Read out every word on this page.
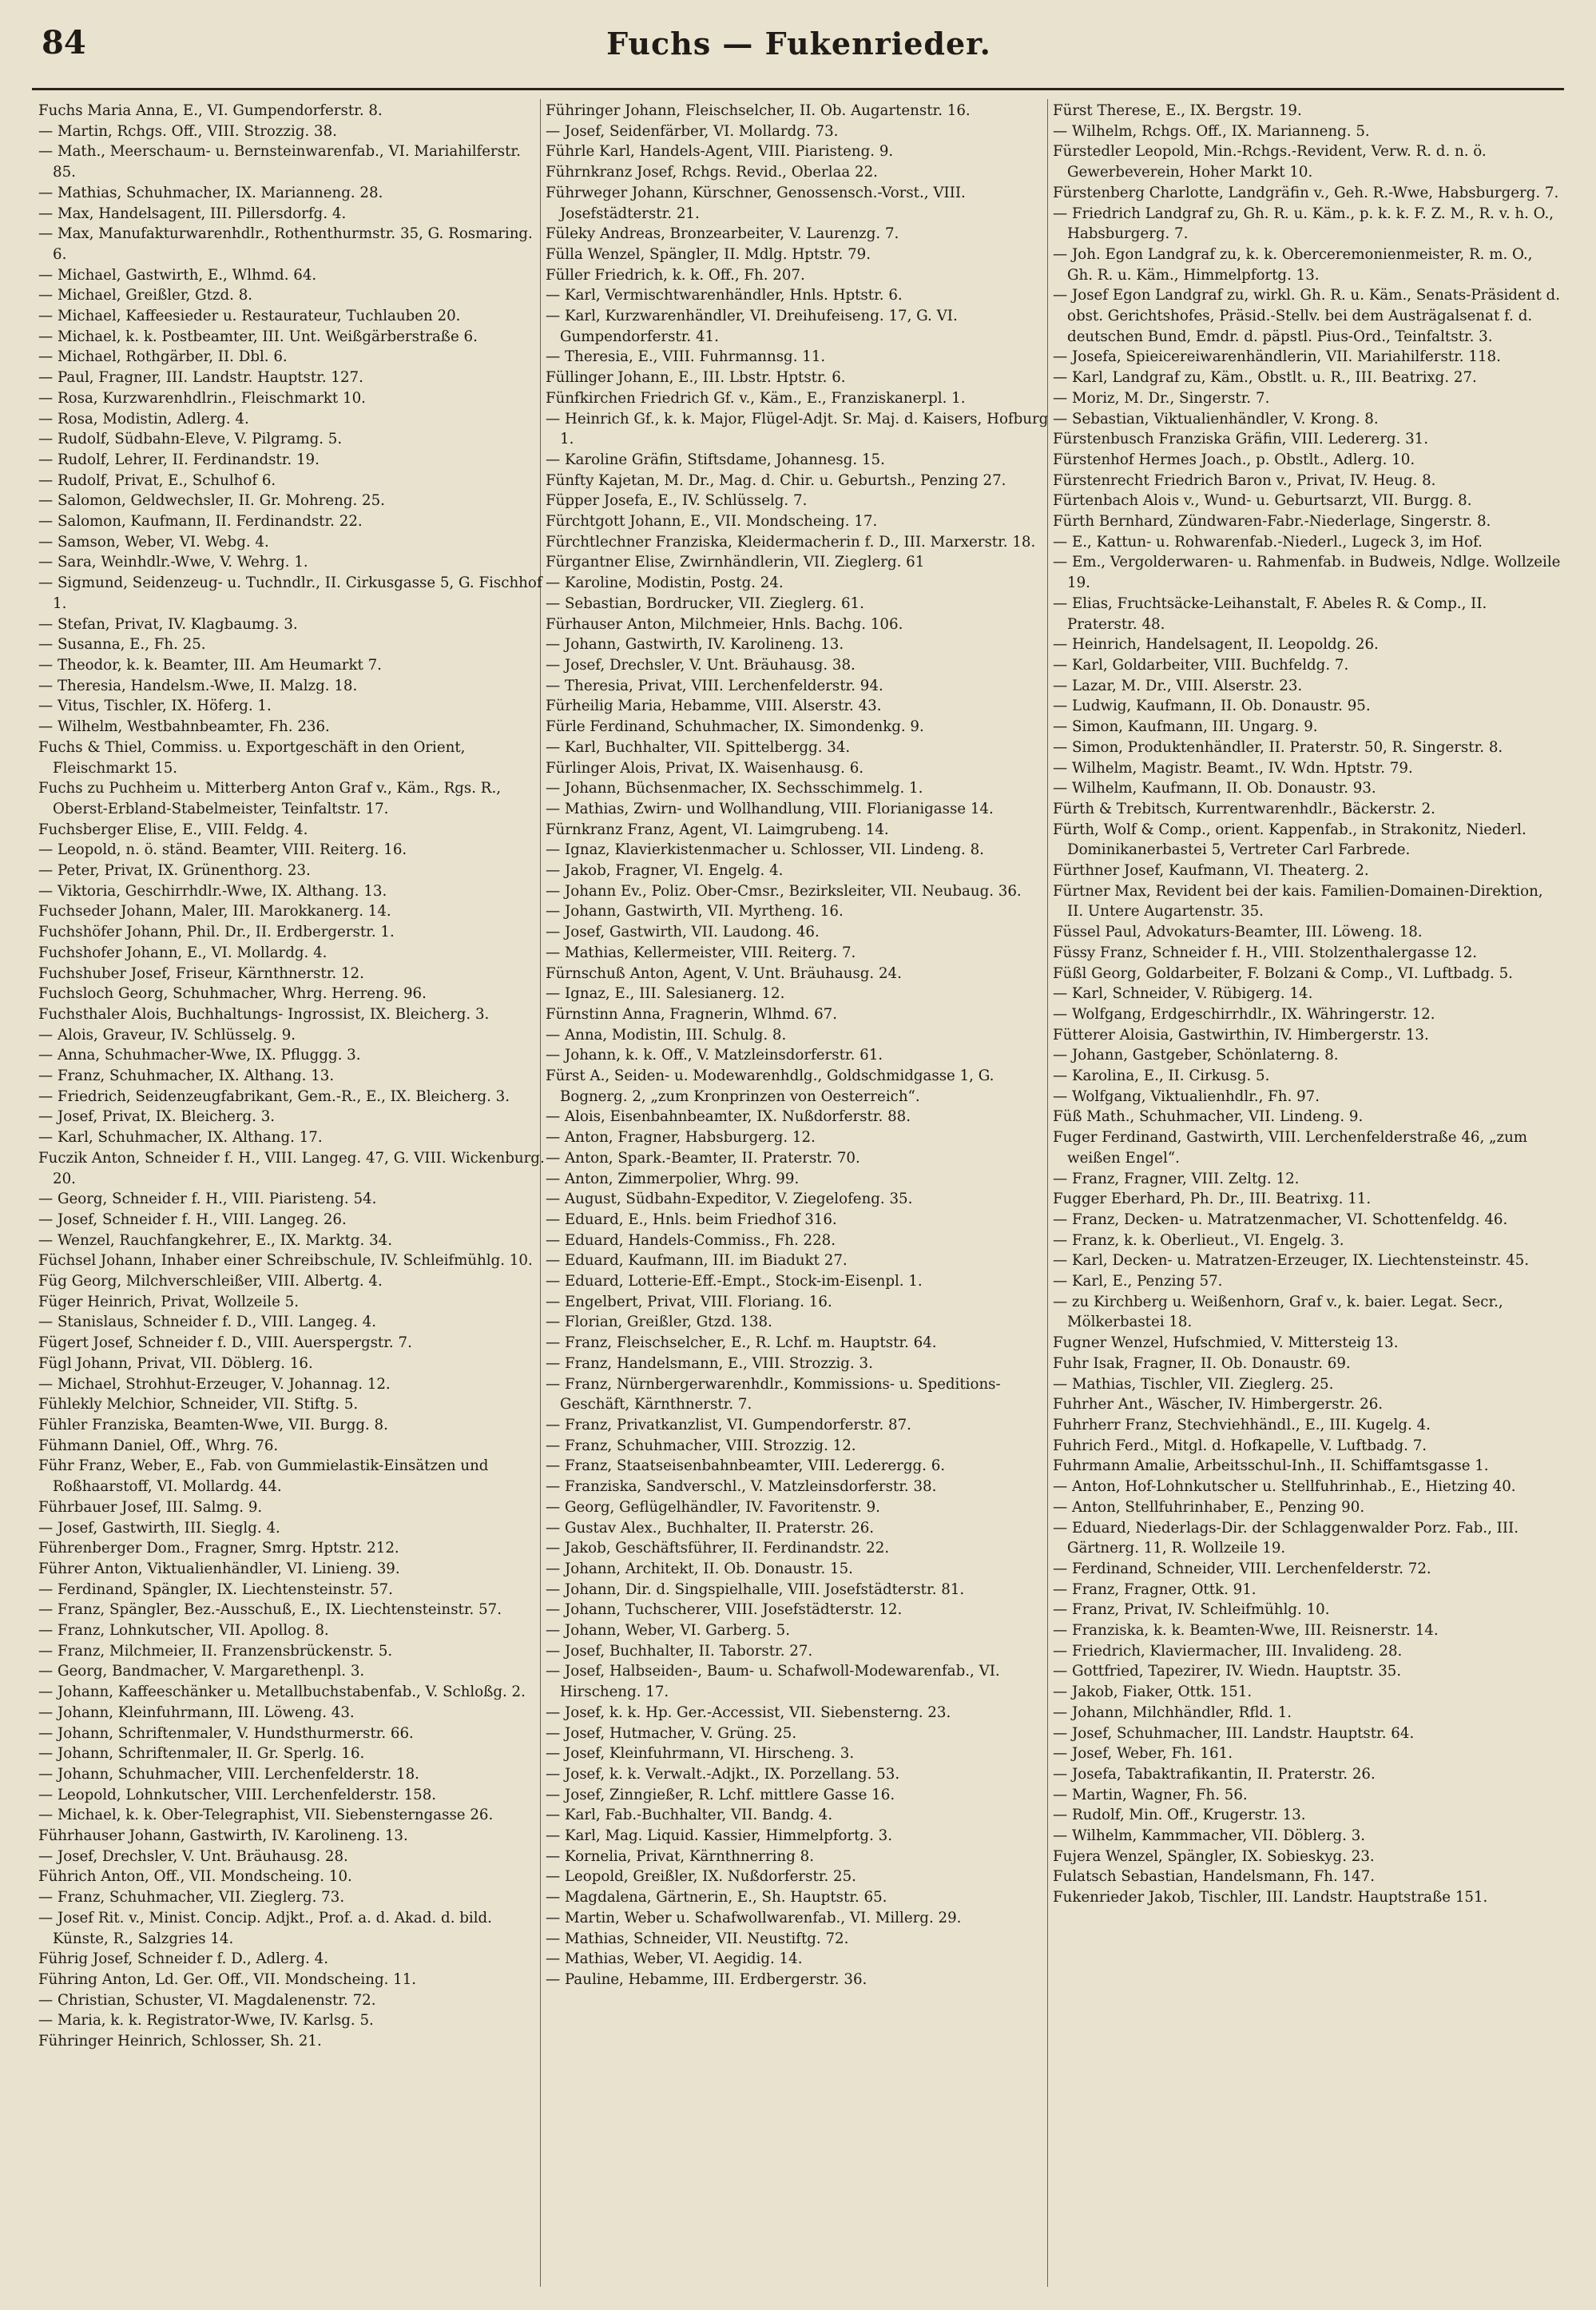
84	Fuchs — Fukenrieder.
Fuchs Maria Anna, E., VI. Gumpendorferstr. 8.
— Martin, Rchgs. Off., VIII. Strozzig. 38.
— Math., Meerschaum- u. Bernsteinwarenfab., VI. Mariahilferstr. 85.
— Mathias, Schuhmacher, IX. Marianneng. 28.
— Max, Handelsagent, III. Pillersdorfg. 4.
— Max, Manufakturwarenhdlr., Rothenthurmstr. 35, G. Rosmaring. 6.
— Michael, Gastwirth, E., Wlhmd. 64.
— Michael, Greißler, Gtzd. 8.
— Michael, Kaffeesieder u. Restaurateur, Tuchlauben 20.
— Michael, k. k. Postbeamter, III. Unt. Weißgärberstraße 6.
— Michael, Rothgärber, II. Dbl. 6.
— Paul, Fragner, III. Landstr. Hauptstr. 127.
— Rosa, Kurzwarenhdlrin., Fleischmarkt 10.
— Rosa, Modistin, Adlerg. 4.
— Rudolf, Südbahn-Eleve, V. Pilgramg. 5.
— Rudolf, Lehrer, II. Ferdinandstr. 19.
— Rudolf, Privat, E., Schulhof 6.
— Salomon, Geldwechsler, II. Gr. Mohreng. 25.
— Salomon, Kaufmann, II. Ferdinandstr. 22.
— Samson, Weber, VI. Webg. 4.
— Sara, Weinhdlr.-Wwe, V. Wehrg. 1.
— Sigmund, Seidenzeug- u. Tuchndlr., II. Cirkusgasse 5, G. Fischhof 1.
— Stefan, Privat, IV. Klagbaumg. 3.
— Susanna, E., Fh. 25.
— Theodor, k. k. Beamter, III. Am Heumarkt 7.
— Theresia, Handelsm.-Wwe, II. Malzg. 18.
— Vitus, Tischler, IX. Höferg. 1.
— Wilhelm, Westbahnbeamter, Fh. 236.
Fuchs & Thiel, Commiss. u. Exportgeschäft in den Orient, Fleischmarkt 15.
Fuchs zu Puchheim u. Mitterberg Anton Graf v., Käm., Rgs. R., Oberst-Erbland-Stabelmeister, Teinfaltstr. 17.
Fuchsberger Elise, E., VIII. Feldg. 4.
— Leopold, n. ö. ständ. Beamter, VIII. Reiterg. 16.
— Peter, Privat, IX. Grünenthorg. 23.
— Viktoria, Geschirrhdlr.-Wwe, IX. Althang. 13.
Fuchseder Johann, Maler, III. Marokkanerg. 14.
Fuchshöfer Johann, Phil. Dr., II. Erdbergerstr. 1.
Fuchshofer Johann, E., VI. Mollardg. 4.
Fuchshuber Josef, Friseur, Kärnthnerstr. 12.
Fuchsloch Georg, Schuhmacher, Whrg. Herreng. 96.
Fuchsthaler Alois, Buchhaltungs- Ingrossist, IX. Bleicherg. 3.
— Alois, Graveur, IV. Schlüsselg. 9.
— Anna, Schuhmacher-Wwe, IX. Pfluggg. 3.
— Franz, Schuhmacher, IX. Althang. 13.
— Friedrich, Seidenzeugfabrikant, Gem.-R., E., IX. Bleicherg. 3.
— Josef, Privat, IX. Bleicherg. 3.
— Karl, Schuhmacher, IX. Althang. 17.
Fuczik Anton, Schneider f. H., VIII. Langeg. 47, G. VIII. Wickenburg. 20.
— Georg, Schneider f. H., VIII. Piaristeng. 54.
— Josef, Schneider f. H., VIII. Langeg. 26.
— Wenzel, Rauchfangkehrer, E., IX. Marktg. 34.
Füchsel Johann, Inhaber einer Schreibschule, IV. Schleifmühlg. 10.
Füg Georg, Milchverschleißer, VIII. Albertg. 4.
Füger Heinrich, Privat, Wollzeile 5.
— Stanislaus, Schneider f. D., VIII. Langeg. 4.
Fügert Josef, Schneider f. D., VIII. Auerspergstr. 7.
Fügl Johann, Privat, VII. Döblerg. 16.
— Michael, Strohhut-Erzeuger, V. Johannag. 12.
Fühlekly Melchior, Schneider, VII. Stiftg. 5.
Fühler Franziska, Beamten-Wwe, VII. Burgg. 8.
Fühmann Daniel, Off., Whrg. 76.
Führ Franz, Weber, E., Fab. von Gummielastik-Einsätzen und Roßhaarstoff, VI. Mollardg. 44.
Führbauer Josef, III. Salmg. 9.
— Josef, Gastwirth, III. Sieglg. 4.
Führenberger Dom., Fragner, Smrg. Hptstr. 212.
Führer Anton, Viktualienhändler, VI. Linieng. 39.
— Ferdinand, Spängler, IX. Liechtensteinstr. 57.
— Franz, Spängler, Bez.-Ausschuß, E., IX. Liechtensteinstr. 57.
— Franz, Lohnkutscher, VII. Apollog. 8.
— Franz, Milchmeier, II. Franzensbrückenstr. 5.
— Georg, Bandmacher, V. Margarethenpl. 3.
— Johann, Kaffeeschänker u. Metallbuchstabenfab., V. Schloßg. 2.
— Johann, Kleinfuhrmann, III. Löweng. 43.
— Johann, Schriftenmaler, V. Hundsthurmerstr. 66.
— Johann, Schriftenmaler, II. Gr. Sperlg. 16.
— Johann, Schuhmacher, VIII. Lerchenfelderstr. 18.
— Leopold, Lohnkutscher, VIII. Lerchenfelderstr. 158.
— Michael, k. k. Ober-Telegraphist, VII. Siebensterngasse 26.
Führhauser Johann, Gastwirth, IV. Karolineng. 13.
— Josef, Drechsler, V. Unt. Bräuhausg. 28.
Führich Anton, Off., VII. Mondscheing. 10.
— Franz, Schuhmacher, VII. Zieglerg. 73.
— Josef Rit. v., Minist. Concip. Adjkt., Prof. a. d. Akad. d. bild. Künste, R., Salzgries 14.
Führig Josef, Schneider f. D., Adlerg. 4.
Führing Anton, Ld. Ger. Off., VII. Mondscheing. 11.
— Christian, Schuster, VI. Magdalenenstr. 72.
— Maria, k. k. Registrator-Wwe, IV. Karlsg. 5.
Führinger Heinrich, Schlosser, Sh. 21.
Führinger Johann, Fleischselcher, II. Ob. Augartenstr. 16.
— Josef, Seidenfärber, VI. Mollardg. 73.
Führle Karl, Handels-Agent, VIII. Piaristeng. 9.
Führnkranz Josef, Rchgs. Revid., Oberlaa 22.
Führweger Johann, Kürschner, Genossensch.-Vorst., VIII. Josefstädterstr. 21.
Füleky Andreas, Bronzearbeiter, V. Laurenzg. 7.
Fülla Wenzel, Spängler, II. Mdlg. Hptstr. 79.
Füller Friedrich, k. k. Off., Fh. 207.
— Karl, Vermischtwarenhändler, Hnls. Hptstr. 6.
— Karl, Kurzwarenhändler, VI. Dreihufeiseng. 17, G. VI. Gumpendorferstr. 41.
— Theresia, E., VIII. Fuhrmannsg. 11.
Füllinger Johann, E., III. Lbstr. Hptstr. 6.
Fünfkirchen Friedrich Gf. v., Käm., E., Franziskanerpl. 1.
— Heinrich Gf., k. k. Major, Flügel-Adjt. Sr. Maj. d. Kaisers, Hofburg 1.
— Karoline Gräfin, Stiftsdame, Johannesg. 15.
Fünfty Kajetan, M. Dr., Mag. d. Chir. u. Geburtsh., Penzing 27.
Füpper Josefa, E., IV. Schlüsselg. 7.
Fürchtgott Johann, E., VII. Mondscheing. 17.
Fürchtlechner Franziska, Kleidermacherin f. D., III. Marxerstr. 18.
Fürgantner Elise, Zwirnhändlerin, VII. Zieglerg. 61
— Karoline, Modistin, Postg. 24.
— Sebastian, Bordrucker, VII. Zieglerg. 61.
Fürhauser Anton, Milchmeier, Hnls. Bachg. 106.
— Johann, Gastwirth, IV. Karolineng. 13.
— Josef, Drechsler, V. Unt. Bräuhausg. 38.
— Theresia, Privat, VIII. Lerchenfelderstr. 94.
Fürheilig Maria, Hebamme, VIII. Alserstr. 43.
Fürle Ferdinand, Schuhmacher, IX. Simondenkg. 9.
— Karl, Buchhalter, VII. Spittelbergg. 34.
Fürlinger Alois, Privat, IX. Waisenhausg. 6.
— Johann, Büchsenmacher, IX. Sechsschimmelg. 1.
— Mathias, Zwirn- und Wollhandlung, VIII. Florianigasse 14.
Fürnkranz Franz, Agent, VI. Laimgrubeng. 14.
— Ignaz, Klavierkistenmacher u. Schlosser, VII. Lindeng. 8.
— Jakob, Fragner, VI. Engelg. 4.
— Johann Ev., Poliz. Ober-Cmsr., Bezirksleiter, VII. Neubaug. 36.
— Johann, Gastwirth, VII. Myrtheng. 16.
— Josef, Gastwirth, VII. Laudong. 46.
— Mathias, Kellermeister, VIII. Reiterg. 7.
Fürnschuß Anton, Agent, V. Unt. Bräuhausg. 24.
— Ignaz, E., III. Salesianerg. 12.
Fürnstinn Anna, Fragnerin, Wlhmd. 67.
— Anna, Modistin, III. Schulg. 8.
— Johann, k. k. Off., V. Matzleinsdorferstr. 61.
Fürst A., Seiden- u. Modewarenhdlg., Goldschmidgasse 1, G. Bognerg. 2, „zum Kronprinzen von Oesterreich“.
— Alois, Eisenbahnbeamter, IX. Nußdorferstr. 88.
— Anton, Fragner, Habsburgerg. 12.
— Anton, Spark.-Beamter, II. Praterstr. 70.
— Anton, Zimmerpolier, Whrg. 99.
— August, Südbahn-Expeditor, V. Ziegelofeng. 35.
— Eduard, E., Hnls. beim Friedhof 316.
— Eduard, Handels-Commiss., Fh. 228.
— Eduard, Kaufmann, III. im Biadukt 27.
— Eduard, Lotterie-Eff.-Empt., Stock-im-Eisenpl. 1.
— Engelbert, Privat, VIII. Floriang. 16.
— Florian, Greißler, Gtzd. 138.
— Franz, Fleischselcher, E., R. Lchf. m. Hauptstr. 64.
— Franz, Handelsmann, E., VIII. Strozzig. 3.
— Franz, Nürnbergerwarenhdlr., Kommissions- u. Speditions-Geschäft, Kärnthnerstr. 7.
— Franz, Privatkanzlist, VI. Gumpendorferstr. 87.
— Franz, Schuhmacher, VIII. Strozzig. 12.
— Franz, Staatseisenbahnbeamter, VIII. Lederergg. 6.
— Franziska, Sandverschl., V. Matzleinsdorferstr. 38.
— Georg, Geflügelhändler, IV. Favoritenstr. 9.
— Gustav Alex., Buchhalter, II. Praterstr. 26.
— Jakob, Geschäftsführer, II. Ferdinandstr. 22.
— Johann, Architekt, II. Ob. Donaustr. 15.
— Johann, Dir. d. Singspielhalle, VIII. Josefstädterstr. 81.
— Johann, Tuchscherer, VIII. Josefstädterstr. 12.
— Johann, Weber, VI. Garberg. 5.
— Josef, Buchhalter, II. Taborstr. 27.
— Josef, Halbseiden-, Baum- u. Schafwoll-Modewarenfab., VI. Hirscheng. 17.
— Josef, k. k. Hp. Ger.-Accessist, VII. Siebensterng. 23.
— Josef, Hutmacher, V. Grüng. 25.
— Josef, Kleinfuhrmann, VI. Hirscheng. 3.
— Josef, k. k. Verwalt.-Adjkt., IX. Porzellang. 53.
— Josef, Zinngießer, R. Lchf. mittlere Gasse 16.
— Karl, Fab.-Buchhalter, VII. Bandg. 4.
— Karl, Mag. Liquid. Kassier, Himmelpfortg. 3.
— Kornelia, Privat, Kärnthnerring 8.
— Leopold, Greißler, IX. Nußdorferstr. 25.
— Magdalena, Gärtnerin, E., Sh. Hauptstr. 65.
— Martin, Weber u. Schafwollwarenfab., VI. Millerg. 29.
— Mathias, Schneider, VII. Neustiftg. 72.
— Mathias, Weber, VI. Aegidig. 14.
— Pauline, Hebamme, III. Erdbergerstr. 36.
Fürst Therese, E., IX. Bergstr. 19.
— Wilhelm, Rchgs. Off., IX. Marianneng. 5.
Fürstedler Leopold, Min.-Rchgs.-Revident, Verw. R. d. n. ö. Gewerbeverein, Hoher Markt 10.
Fürstenberg Charlotte, Landgräfin v., Geh. R.-Wwe, Habsburgerg. 7.
— Friedrich Landgraf zu, Gh. R. u. Käm., p. k. k. F. Z. M., R. v. h. O., Habsburgerg. 7.
— Joh. Egon Landgraf zu, k. k. Oberceremonienmeister, R. m. O., Gh. R. u. Käm., Himmelpfortg. 13.
— Josef Egon Landgraf zu, wirkl. Gh. R. u. Käm., Senats-Präsident d. obst. Gerichtshofes, Präsid.-Stellv. bei dem Austrägalsenat f. d. deutschen Bund, Emdr. d. päpstl. Pius-Ord., Teinfaltstr. 3.
— Josefa, Spieicereiwarenhändlerin, VII. Mariahilferstr. 118.
— Karl, Landgraf zu, Käm., Obstlt. u. R., III. Beatrixg. 27.
— Moriz, M. Dr., Singerstr. 7.
— Sebastian, Viktualienhändler, V. Krong. 8.
Fürstenbusch Franziska Gräfin, VIII. Ledererg. 31.
Fürstenhof Hermes Joach., p. Obstlt., Adlerg. 10.
Fürstenrecht Friedrich Baron v., Privat, IV. Heug. 8.
Fürtenbach Alois v., Wund- u. Geburtsarzt, VII. Burgg. 8.
Fürth Bernhard, Zündwaren-Fabr.-Niederlage, Singerstr. 8.
— E., Kattun- u. Rohwarenfab.-Niederl., Lugeck 3, im Hof.
— Em., Vergolderwaren- u. Rahmenfab. in Budweis, Ndlge. Wollzeile 19.
— Elias, Fruchtsäcke-Leihanstalt, F. Abeles R. & Comp., II. Praterstr. 48.
— Heinrich, Handelsagent, II. Leopoldg. 26.
— Karl, Goldarbeiter, VIII. Buchfeldg. 7.
— Lazar, M. Dr., VIII. Alserstr. 23.
— Ludwig, Kaufmann, II. Ob. Donaustr. 95.
— Simon, Kaufmann, III. Ungarg. 9.
— Simon, Produktenhändler, II. Praterstr. 50, R. Singerstr. 8.
— Wilhelm, Magistr. Beamt., IV. Wdn. Hptstr. 79.
— Wilhelm, Kaufmann, II. Ob. Donaustr. 93.
Fürth & Trebitsch, Kurrentwarenhdlr., Bäckerstr. 2.
Fürth, Wolf & Comp., orient. Kappenfab., in Strakonitz, Niederl. Dominikanerbastei 5, Vertreter Carl Farbrede.
Fürthner Josef, Kaufmann, VI. Theaterg. 2.
Fürtner Max, Revident bei der kais. Familien-Domainen-Direktion, II. Untere Augartenstr. 35.
Füssel Paul, Advokaturs-Beamter, III. Löweng. 18.
Füssy Franz, Schneider f. H., VIII. Stolzenthalergasse 12.
Füßl Georg, Goldarbeiter, F. Bolzani & Comp., VI. Luftbadg. 5.
— Karl, Schneider, V. Rübigerg. 14.
— Wolfgang, Erdgeschirrhdlr., IX. Währingerstr. 12.
Fütterer Aloisia, Gastwirthin, IV. Himbergerstr. 13.
— Johann, Gastgeber, Schönlaterng. 8.
— Karolina, E., II. Cirkusg. 5.
— Wolfgang, Viktualienhdlr., Fh. 97.
Füß Math., Schuhmacher, VII. Lindeng. 9.
Fuger Ferdinand, Gastwirth, VIII. Lerchenfelderstraße 46, „zum weißen Engel“.
— Franz, Fragner, VIII. Zeltg. 12.
Fugger Eberhard, Ph. Dr., III. Beatrixg. 11.
— Franz, Decken- u. Matratzenmacher, VI. Schottenfeldg. 46.
— Franz, k. k. Oberlieut., VI. Engelg. 3.
— Karl, Decken- u. Matratzen-Erzeuger, IX. Liechtensteinstr. 45.
— Karl, E., Penzing 57.
— zu Kirchberg u. Weißenhorn, Graf v., k. baier. Legat. Secr., Mölkerbastei 18.
Fugner Wenzel, Hufschmied, V. Mittersteig 13.
Fuhr Isak, Fragner, II. Ob. Donaustr. 69.
— Mathias, Tischler, VII. Zieglerg. 25.
Fuhrher Ant., Wäscher, IV. Himbergerstr. 26.
Fuhrherr Franz, Stechviehhändl., E., III. Kugelg. 4.
Fuhrich Ferd., Mitgl. d. Hofkapelle, V. Luftbadg. 7.
Fuhrmann Amalie, Arbeitsschul-Inh., II. Schiffamtsgasse 1.
— Anton, Hof-Lohnkutscher u. Stellfuhrinhab., E., Hietzing 40.
— Anton, Stellfuhrinhaber, E., Penzing 90.
— Eduard, Niederlags-Dir. der Schlaggenwalder Porz. Fab., III. Gärtnerg. 11, R. Wollzeile 19.
— Ferdinand, Schneider, VIII. Lerchenfelderstr. 72.
— Franz, Fragner, Ottk. 91.
— Franz, Privat, IV. Schleifmühlg. 10.
— Franziska, k. k. Beamten-Wwe, III. Reisnerstr. 14.
— Friedrich, Klaviermacher, III. Invalideng. 28.
— Gottfried, Tapezirer, IV. Wiedn. Hauptstr. 35.
— Jakob, Fiaker, Ottk. 151.
— Johann, Milchhändler, Rfld. 1.
— Josef, Schuhmacher, III. Landstr. Hauptstr. 64.
— Josef, Weber, Fh. 161.
— Josefa, Tabaktrafikantin, II. Praterstr. 26.
— Martin, Wagner, Fh. 56.
— Rudolf, Min. Off., Krugerstr. 13.
— Wilhelm, Kammmacher, VII. Döblerg. 3.
Fujera Wenzel, Spängler, IX. Sobieskyg. 23.
Fulatsch Sebastian, Handelsmann, Fh. 147.
Fukenrieder Jakob, Tischler, III. Landstr. Hauptstraße 151.
